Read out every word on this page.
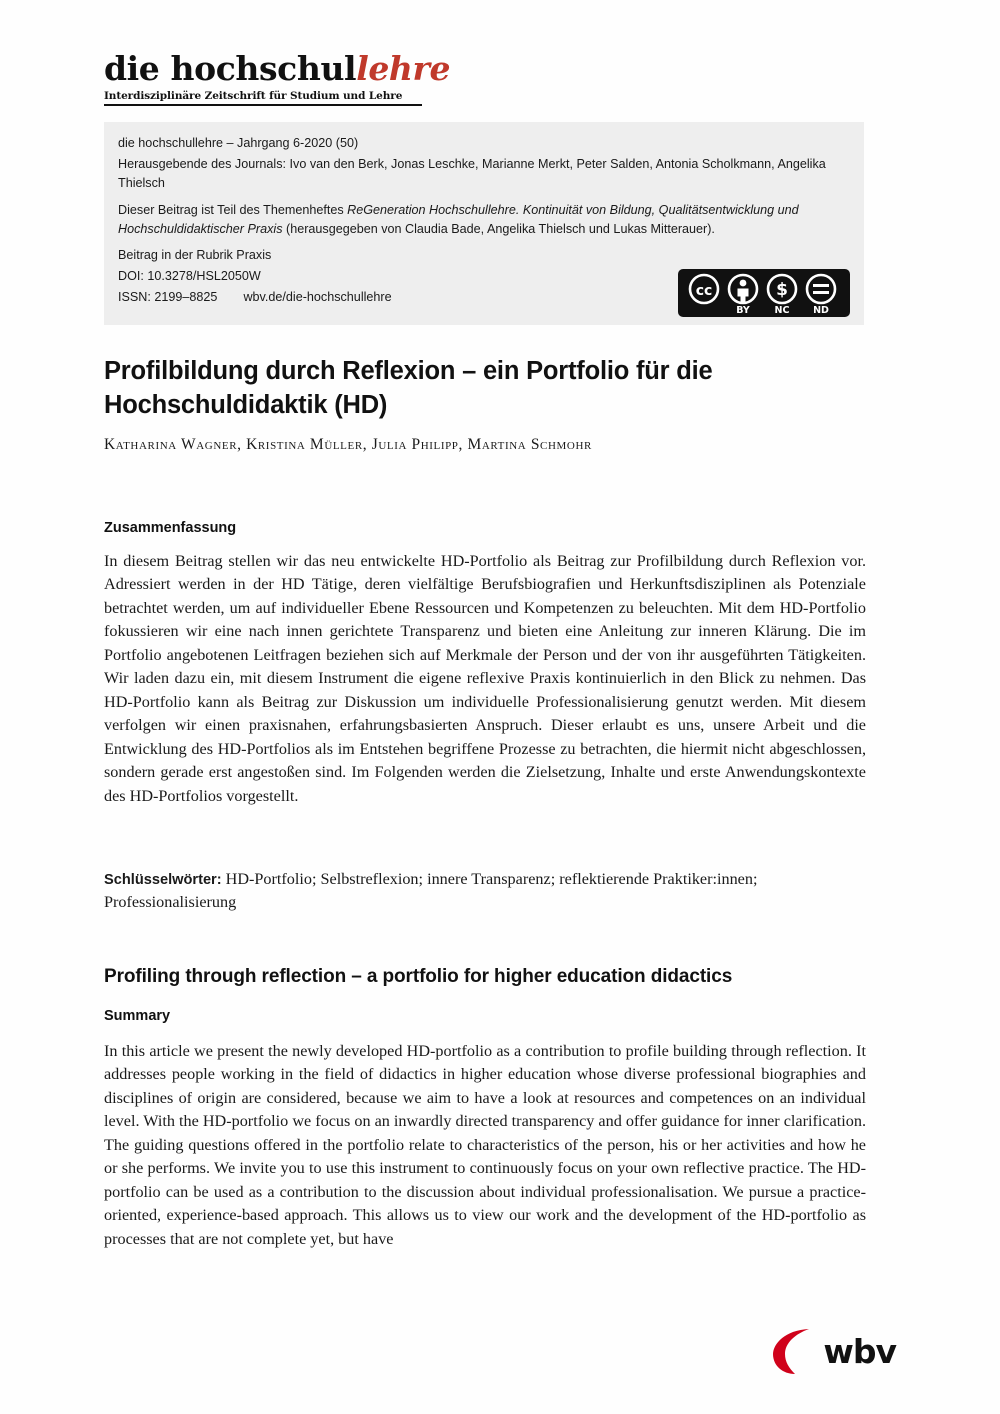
die hochschullehre
Interdisziplinäre Zeitschrift für Studium und Lehre

die hochschullehre – Jahrgang 6-2020 (50)

Herausgebende des Journals: Ivo van den Berk, Jonas Leschke, Marianne Merkt, Peter Salden, Antonia Scholkmann, Angelika Thielsch

Dieser Beitrag ist Teil des Themenheftes ReGeneration Hochschullehre. Kontinuität von Bildung, Qualitätsentwicklung und Hochschuldidaktischer Praxis (herausgegeben von Claudia Bade, Angelika Thielsch und Lukas Mitterauer).

Beitrag in der Rubrik Praxis

DOI: 10.3278/HSL2050W

ISSN: 2199–8825 wbv.de/die-hochschullehre	cc	$
BY	NC ND
Profilbildung durch Reflexion – ein Portfolio für die Hochschuldidaktik (HD)
Katharina Wagner, Kristina Müller, Julia Philipp, Martina Schmohr
Zusammenfassung
In diesem Beitrag stellen wir das neu entwickelte HD-Portfolio als Beitrag zur Profilbildung durch Reflexion vor. Adressiert werden in der HD Tätige, deren vielfältige Berufsbiografien und Herkunftsdisziplinen als Potenziale betrachtet werden, um auf individueller Ebene Ressourcen und Kompetenzen zu beleuchten. Mit dem HD-Portfolio fokussieren wir eine nach innen gerichtete Transparenz und bieten eine Anleitung zur inneren Klärung. Die im Portfolio angebotenen Leitfragen beziehen sich auf Merkmale der Person und der von ihr ausgeführten Tätigkeiten. Wir laden dazu ein, mit diesem Instrument die eigene reflexive Praxis kontinuierlich in den Blick zu nehmen. Das HD-Portfolio kann als Beitrag zur Diskussion um individuelle Professionalisierung genutzt werden. Mit diesem verfolgen wir einen praxisnahen, erfahrungsbasierten Anspruch. Dieser erlaubt es uns, unsere Arbeit und die Entwicklung des HD-Portfolios als im Entstehen begriffene Prozesse zu betrachten, die hiermit nicht abgeschlossen, sondern gerade erst angestoßen sind. Im Folgenden werden die Zielsetzung, Inhalte und erste Anwendungskontexte des HD-Portfolios vorgestellt.
Schlüsselwörter: HD-Portfolio; Selbstreflexion; innere Transparenz; reflektierende Praktiker:innen; Professionalisierung
Profiling through reflection – a portfolio for higher education didactics
Summary
In this article we present the newly developed HD-portfolio as a contribution to profile building through reflection. It addresses people working in the field of didactics in higher education whose diverse professional biographies and disciplines of origin are considered, because we aim to have a look at resources and competences on an individual level. With the HD-portfolio we focus on an inwardly directed transparency and offer guidance for inner clarification. The guiding questions offered in the portfolio relate to characteristics of the person, his or her activities and how he or she performs. We invite you to use this instrument to continuously focus on your own reflective practice. The HD-portfolio can be used as a contribution to the discussion about individual professionalisation. We pursue a practice-oriented, experience-based approach. This allows us to view our work and the development of the HD-portfolio as processes that are not complete yet, but have
wbv
